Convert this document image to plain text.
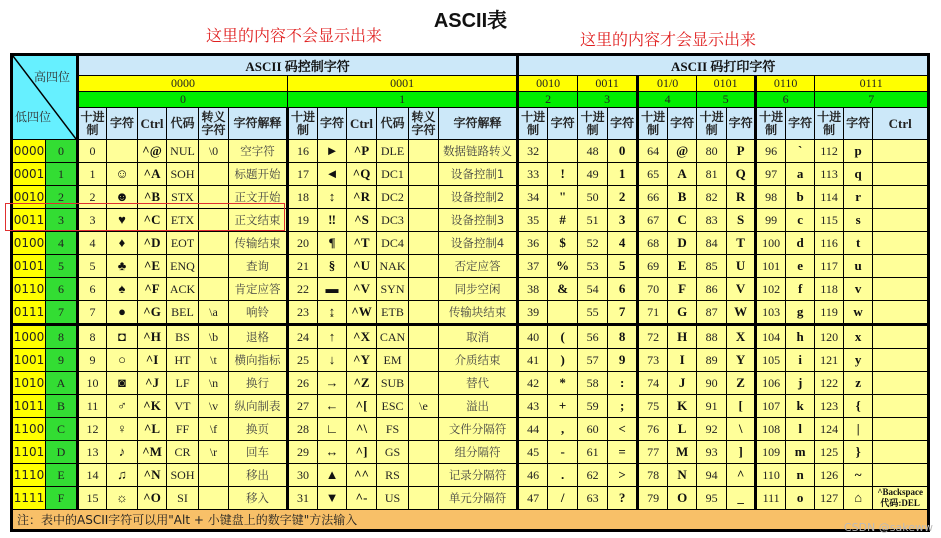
ASCII表
这里的内容不会显示出来	这里的内容才会显示出来
高四位
低四位		ASCII 码控制字符												ASCII 码打印字符												
		0000						0001						0010		0011		01/0		0101		0110		0111		
		0						1						2		3		4		5		6		7		
		十进制	字符	Ctrl	代码	转义字符	字符解释	十进制	字符	Ctrl	代码	转义字符	字符解释	十进制	字符	十进制	字符	十进制	字符	十进制	字符	十进制	字符	十进制	字符	Ctrl
0000	0	0		^@	NUL	\0	空字符	16	►	^P	DLE		数据链路转义	32		48	0	64	@	80	P	96	`	112	p	
0001	1	1	☺	^A	SOH		标题开始	17	◄	^Q	DC1		设备控制1	33	!	49	1	65	A	81	Q	97	a	113	q	
0010	2	2	☻	^B	STX		正文开始	18	↕	^R	DC2		设备控制2	34	"	50	2	66	B	82	R	98	b	114	r	
0011	3	3	♥	^C	ETX		正文结束	19	‼	^S	DC3		设备控制3	35	#	51	3	67	C	83	S	99	c	115	s	
0100	4	4	♦	^D	EOT		传输结束	20	¶	^T	DC4		设备控制4	36	$	52	4	68	D	84	T	100	d	116	t	
0101	5	5	♣	^E	ENQ		查询	21	§	^U	NAK		否定应答	37	%	53	5	69	E	85	U	101	e	117	u	
0110	6	6	♠	^F	ACK		肯定应答	22	▬	^V	SYN		同步空闲	38	&	54	6	70	F	86	V	102	f	118	v	
0111	7	7	●	^G	BEL	\a	响铃	23	↨	^W	ETB		传输块结束	39		55	7	71	G	87	W	103	g	119	w	
1000	8	8	◘	^H	BS	\b	退格	24	↑	^X	CAN		取消	40	(	56	8	72	H	88	X	104	h	120	x	
1001	9	9	○	^I	HT	\t	横向指标	25	↓	^Y	EM		介质结束	41	)	57	9	73	I	89	Y	105	i	121	y	
1010	A	10	◙	^J	LF	\n	换行	26	→	^Z	SUB		替代	42	*	58	:	74	J	90	Z	106	j	122	z	
1011	B	11	♂	^K	VT	\v	纵向制表	27	←	^[	ESC	\e	溢出	43	+	59	;	75	K	91	[	107	k	123	{	
1100	C	12	♀	^L	FF	\f	换页	28	∟	^\	FS		文件分隔符	44	,	60	<	76	L	92	\	108	l	124	|	
1101	D	13	♪	^M	CR	\r	回车	29	↔	^]	GS		组分隔符	45	-	61	=	77	M	93	]	109	m	125	}	
1110	E	14	♫	^N	SOH		移出	30	▲	^^	RS		记录分隔符	46	.	62	>	78	N	94	^	110	n	126	~	
1111	F	15	☼	^O	SI		移入	31	▼	^-	US		单元分隔符	47	/	63	?	79	O	95	_	111	o	127	⌂	^Backspace 代码:DEL
注：表中的ASCII字符可以用"Alt + 小键盘上的数字键"方法输入																										
CSDN @sakeww
